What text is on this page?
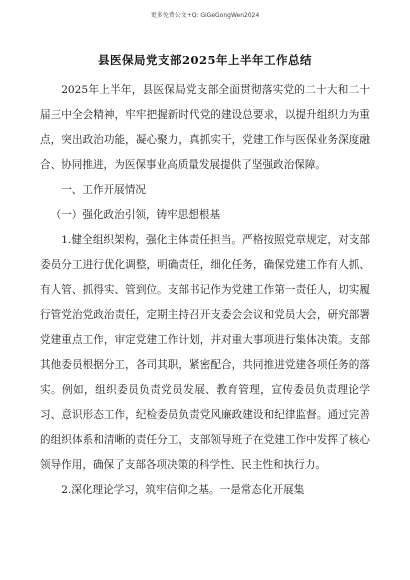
更多免费公文+Q: GiGeGongWen2024
县医保局党支部2025年上半年工作总结

2025年上半年，县医保局党支部全面贯彻落实党的二十大和二十届三中全会精神，牢牢把握新时代党的建设总要求，以提升组织力为重点，突出政治功能，凝心聚力，真抓实干，党建工作与医保业务深度融合、协同推进，为医保事业高质量发展提供了坚强政治保障。

一、工作开展情况

（一）强化政治引领，铸牢思想根基

1.健全组织架构，强化主体责任担当。严格按照党章规定，对支部委员分工进行优化调整，明确责任，细化任务，确保党建工作有人抓、有人管、抓得实、管到位。支部书记作为党建工作第一责任人，切实履行管党治党政治责任，定期主持召开支委会会议和党员大会，研究部署党建重点工作，审定党建工作计划，并对重大事项进行集体决策。支部其他委员根据分工，各司其职，紧密配合，共同推进党建各项任务的落实。例如，组织委员负责党员发展、教育管理，宣传委员负责理论学习、意识形态工作，纪检委员负责党风廉政建设和纪律监督。通过完善的组织体系和清晰的责任分工，支部领导班子在党建工作中发挥了核心领导作用，确保了支部各项决策的科学性、民主性和执行力。

2.深化理论学习，筑牢信仰之基。一是常态化开展集
